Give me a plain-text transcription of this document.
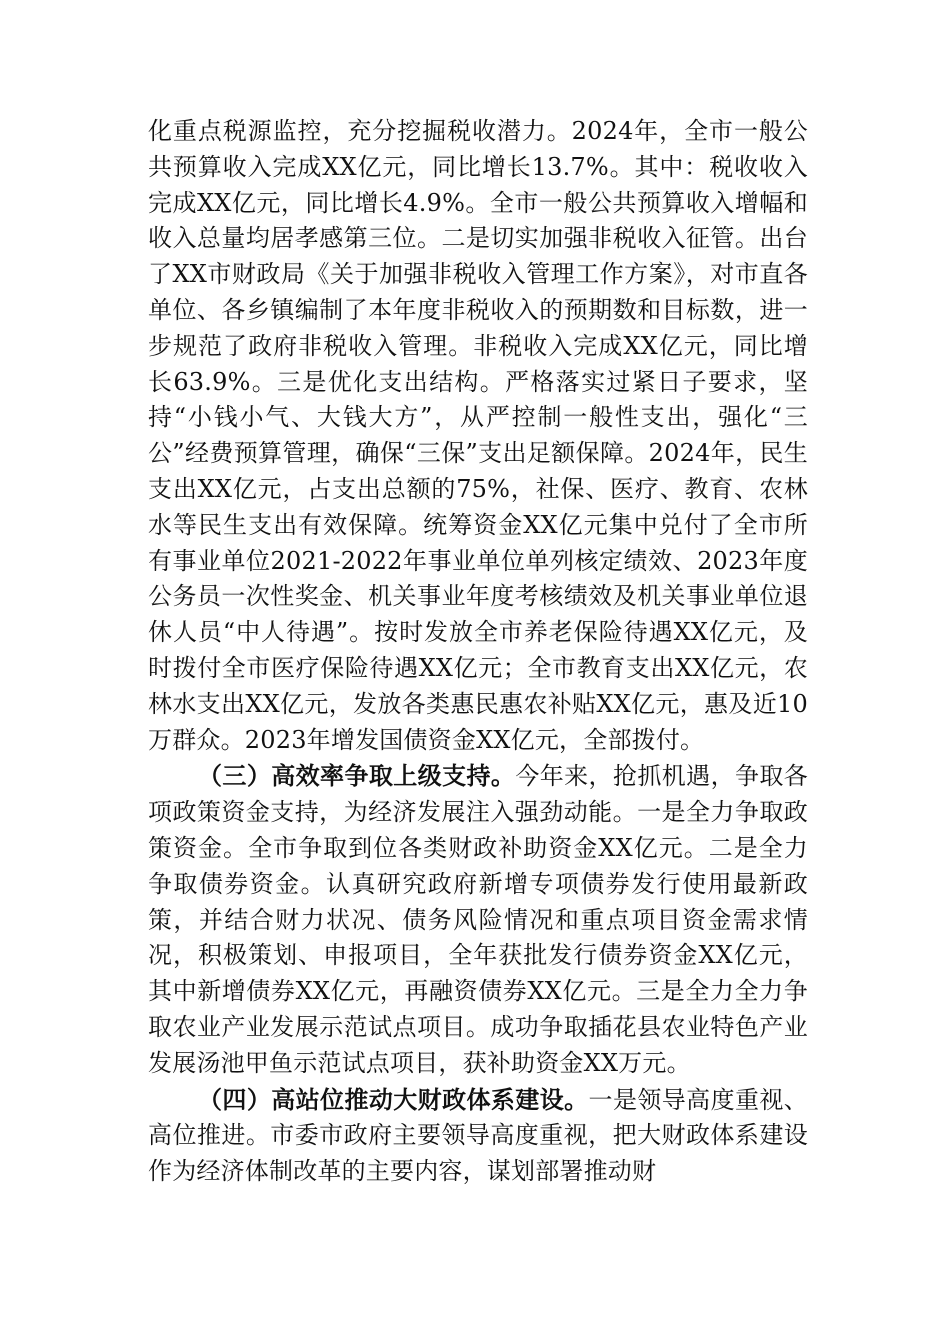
化重点税源监控，充分挖掘税收潜力。2024年，全市一般公共预算收入完成XX亿元，同比增长13.7%。其中：税收收入完成XX亿元，同比增长4.9%。全市一般公共预算收入增幅和收入总量均居孝感第三位。二是切实加强非税收入征管。出台了XX市财政局《关于加强非税收入管理工作方案》，对市直各单位、各乡镇编制了本年度非税收入的预期数和目标数，进一步规范了政府非税收入管理。非税收入完成XX亿元，同比增长63.9%。三是优化支出结构。严格落实过紧日子要求，坚持“小钱小气、大钱大方”，从严控制一般性支出，强化“三公”经费预算管理，确保“三保”支出足额保障。2024年，民生支出XX亿元，占支出总额的75%，社保、医疗、教育、农林水等民生支出有效保障。统筹资金XX亿元集中兑付了全市所有事业单位2021-2022年事业单位单列核定绩效、2023年度公务员一次性奖金、机关事业年度考核绩效及机关事业单位退休人员“中人待遇”。按时发放全市养老保险待遇XX亿元，及时拨付全市医疗保险待遇XX亿元；全市教育支出XX亿元，农林水支出XX亿元，发放各类惠民惠农补贴XX亿元，惠及近10万群众。2023年增发国债资金XX亿元，全部拨付。

（三）高效率争取上级支持。今年来，抢抓机遇，争取各项政策资金支持，为经济发展注入强劲动能。一是全力争取政策资金。全市争取到位各类财政补助资金XX亿元。二是全力争取债券资金。认真研究政府新增专项债券发行使用最新政策，并结合财力状况、债务风险情况和重点项目资金需求情况，积极策划、申报项目，全年获批发行债券资金XX亿元，其中新增债券XX亿元，再融资债券XX亿元。三是全力全力争取农业产业发展示范试点项目。成功争取插花县农业特色产业发展汤池甲鱼示范试点项目，获补助资金XX万元。

（四）高站位推动大财政体系建设。一是领导高度重视、高位推进。市委市政府主要领导高度重视，把大财政体系建设作为经济体制改革的主要内容，谋划部署推动财
